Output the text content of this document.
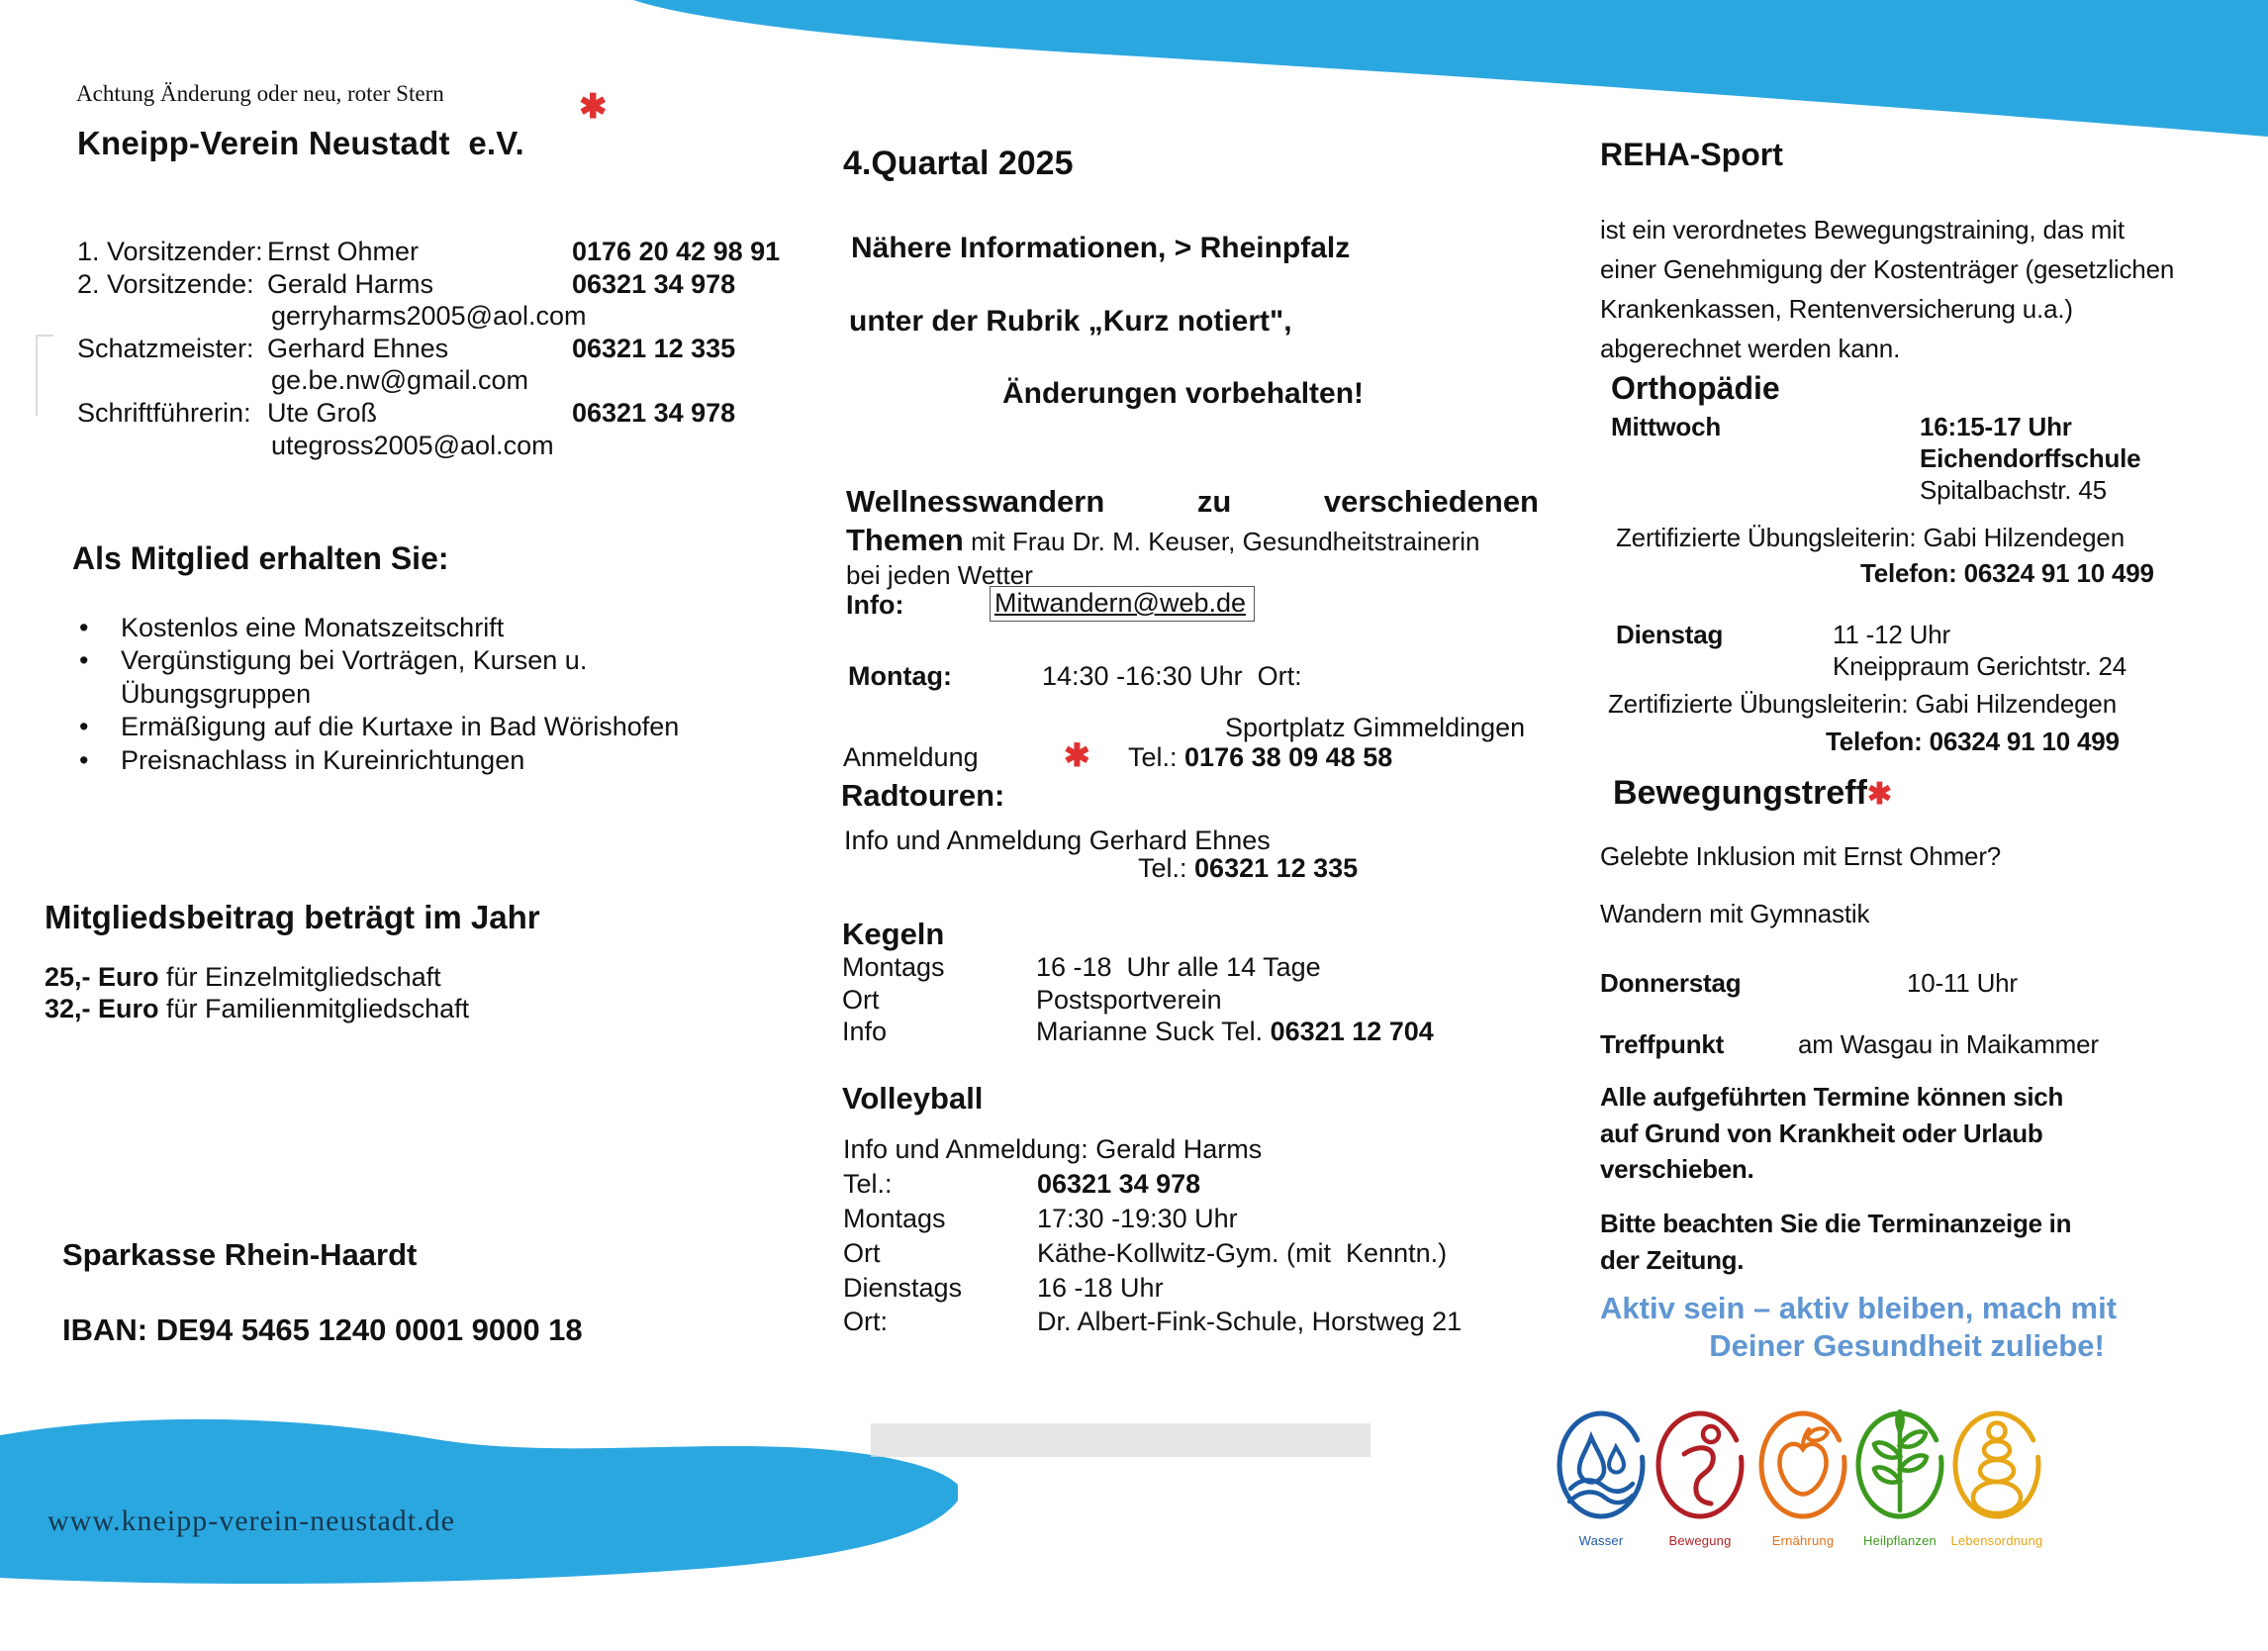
www.kneipp-verein-neustadt.de
Achtung Änderung oder neu, roter Stern	✱
Kneipp-Verein Neustadt  e.V.
1. Vorsitzender: Ernst Ohmer	0176 20 42 98 91
2. Vorsitzende: Gerald Harms	06321 34 978
gerryharms2005@aol.com
Schatzmeister: Gerhard Ehnes	06321 12 335
ge.be.nw@gmail.com
Schriftführerin: Ute Groß	06321 34 978
utegross2005@aol.com
Als Mitglied erhalten Sie:
• Kostenlos eine Monatszeitschrift
• Vergünstigung bei Vorträgen, Kursen u. Übungsgruppen
• Ermäßigung auf die Kurtaxe in Bad Wörishofen
• Preisnachlass in Kureinrichtungen
Mitgliedsbeitrag beträgt im Jahr
25,- Euro für Einzelmitgliedschaft
32,- Euro für Familienmitgliedschaft
Sparkasse Rhein-Haardt
IBAN: DE94 5465 1240 0001 9000 18
4.Quartal 2025
Nähere Informationen, > Rheinpfalz
unter der Rubrik „Kurz notiert",
Änderungen vorbehalten!
Wellnesswandern	zu	verschiedenen
Themen mit Frau Dr. M. Keuser, Gesundheitstrainerin
bei jeden Wetter
Info:	Mitwandern@web.de
Montag:	14:30 -16:30 Uhr  Ort:
Sportplatz Gimmeldingen
Anmeldung	✱ Tel.: 0176 38 09 48 58
Radtouren:
Info und Anmeldung Gerhard Ehnes
Tel.: 06321 12 335
Kegeln
Montags	16 -18  Uhr alle 14 Tage
Ort	Postsportverein
Info	Marianne Suck Tel. 06321 12 704
Volleyball
Info und Anmeldung: Gerald Harms
Tel.:	06321 34 978
Montags	17:30 -19:30 Uhr
Ort	Käthe-Kollwitz-Gym. (mit  Kenntn.)
Dienstags	16 -18 Uhr
Ort:	Dr. Albert-Fink-Schule, Horstweg 21
REHA-Sport
ist ein verordnetes Bewegungstraining, das mit
einer Genehmigung der Kostenträger (gesetzlichen
Krankenkassen, Rentenversicherung u.a.)
abgerechnet werden kann.
Orthopädie
Mittwoch	16:15-17 Uhr
Eichendorffschule
Spitalbachstr. 45
Zertifizierte Übungsleiterin: Gabi Hilzendegen
Telefon: 06324 91 10 499
Dienstag	11 -12 Uhr
Kneippraum Gerichtstr. 24
Zertifizierte Übungsleiterin: Gabi Hilzendegen
Telefon: 06324 91 10 499
Bewegungstreff✱
Gelebte Inklusion mit Ernst Ohmer?
Wandern mit Gymnastik
Donnerstag	10-11 Uhr
Treffpunkt	am Wasgau in Maikammer
Alle aufgeführten Termine können sich
auf Grund von Krankheit oder Urlaub
verschieben.
Bitte beachten Sie die Terminanzeige in
der Zeitung.
Aktiv sein – aktiv bleiben, mach mit
Deiner Gesundheit zuliebe!
Wasser	Bewegung	Ernährung	Heilpflanzen	Lebensordnung
